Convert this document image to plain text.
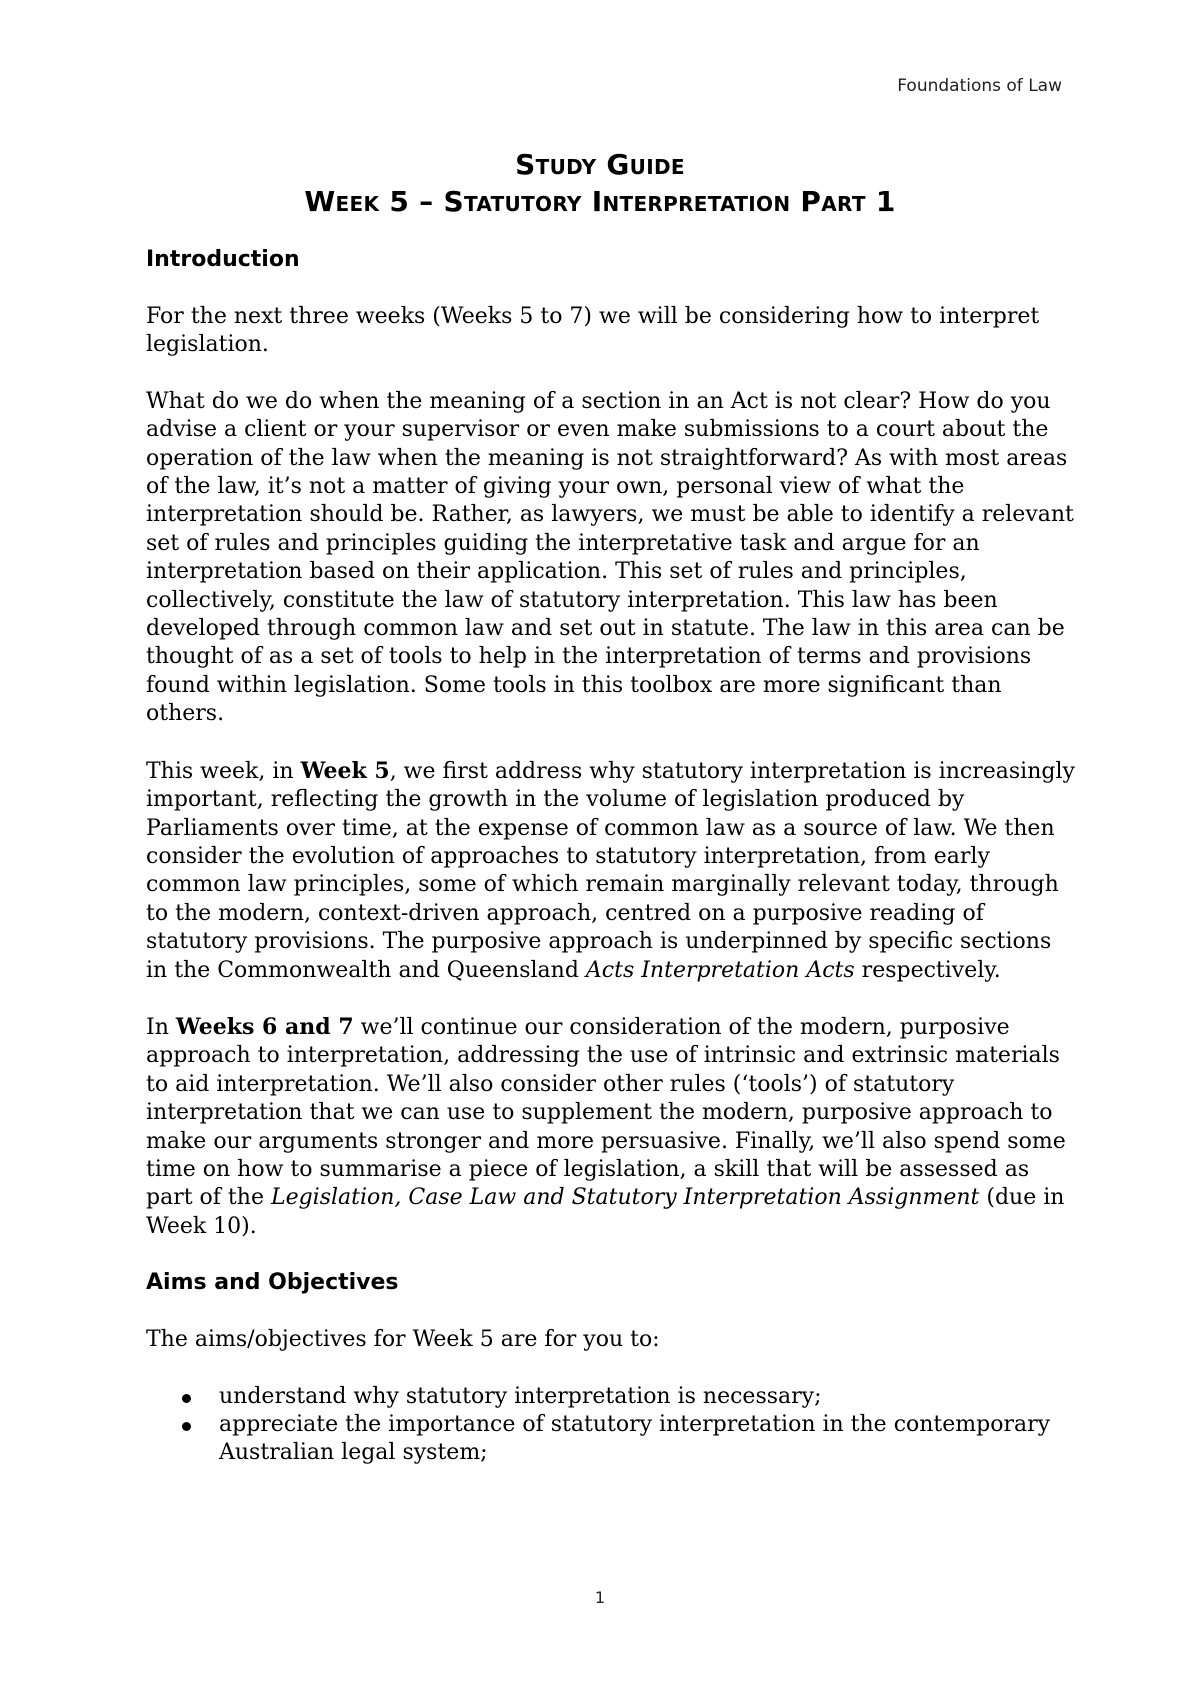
Foundations of Law
Study Guide
Week 5 – Statutory Interpretation Part 1
Introduction

For the next three weeks (Weeks 5 to 7) we will be considering how to interpret legislation.

What do we do when the meaning of a section in an Act is not clear? How do you advise a client or your supervisor or even make submissions to a court about the operation of the law when the meaning is not straightforward? As with most areas of the law, it’s not a matter of giving your own, personal view of what the interpretation should be. Rather, as lawyers, we must be able to identify a relevant set of rules and principles guiding the interpretative task and argue for an interpretation based on their application. This set of rules and principles, collectively, constitute the law of statutory interpretation. This law has been developed through common law and set out in statute. The law in this area can be thought of as a set of tools to help in the interpretation of terms and provisions found within legislation. Some tools in this toolbox are more significant than others.

This week, in Week 5, we first address why statutory interpretation is increasingly important, reflecting the growth in the volume of legislation produced by Parliaments over time, at the expense of common law as a source of law. We then consider the evolution of approaches to statutory interpretation, from early common law principles, some of which remain marginally relevant today, through to the modern, context-driven approach, centred on a purposive reading of statutory provisions. The purposive approach is underpinned by specific sections in the Commonwealth and Queensland Acts Interpretation Acts respectively.

In Weeks 6 and 7 we’ll continue our consideration of the modern, purposive approach to interpretation, addressing the use of intrinsic and extrinsic materials to aid interpretation. We’ll also consider other rules (‘tools’) of statutory interpretation that we can use to supplement the modern, purposive approach to make our arguments stronger and more persuasive. Finally, we’ll also spend some time on how to summarise a piece of legislation, a skill that will be assessed as part of the Legislation, Case Law and Statutory Interpretation Assignment (due in Week 10).

Aims and Objectives

The aims/objectives for Week 5 are for you to:

understand why statutory interpretation is necessary;
appreciate the importance of statutory interpretation in the contemporary Australian legal system;
1
